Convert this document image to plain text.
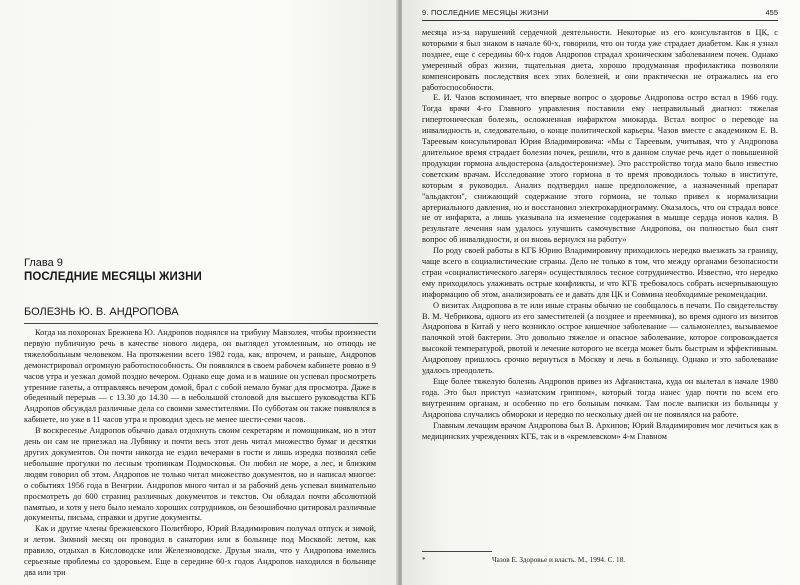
Глава 9
ПОСЛЕДНИЕ МЕСЯЦЫ ЖИЗНИ
БОЛЕЗНЬ Ю. В. АНДРОПОВА

Когда на похоронах Брежнева Ю. Андропов поднялся на трибуну Мавзолея, чтобы произнести первую публичную речь в качестве нового лидера, он выглядел утомленным, но отнюдь не тяжелобольным человеком. На протяжении всего 1982 года, как, впрочем, и раньше, Андропов демонстрировал огромную работоспособность. Он появлялся в своем рабочем кабинете ровно в 9 часов утра и уезжал домой поздно вечером. Однако еще дома и в машине он успевал просмотреть утренние газеты, а отправляясь вечером домой, брал с собой немало бумаг для просмотра. Даже в обеденный перерыв — с 13.30 до 14.30 — в небольшой столовой для высшего руководства КГБ Андропов обсуждал различные дела со своими заместителями. По субботам он также появлялся в кабинете, но уже в 11 часов утра и проводил здесь не менее шести-семи часов.

В воскресенье Андропов обычно давал отдохнуть своим секретарям и помощникам, но в этот день он сам не приезжал на Лубянку и почти весь этот день читал множество бумаг и десятки других документов. Он почти никогда не ездил вечерами в гости и лишь изредка позволял себе небольшие прогулки по лесным тропинкам Подмосковья. Он любил не море, а лес, и близким людям говорил об этом. Андропов не только читал множество документов, но и написал многое: о событиях 1956 года в Венгрии. Андропов много читал и за рабочий день успевал внимательно просмотреть до 600 страниц различных документов и текстов. Он обладал почти абсолютной памятью, и хотя у него было немало хороших сотрудников, он безошибочно цитировал различные документы, письма, справки и другие документы.

Как и другие члены брежневского Политбюро, Юрий Владимирович получал отпуск и зимой, и летом. Зимний месяц он проводил в санатории или в больнице под Москвой: летом, как правило, отдыхал в Кисловодске или Железноводске. Друзья знали, что у Андропова имелись серьезные проблемы со здоровьем. Еще в середине 60-х годов Андропов находился в больнице два или три

9. ПОСЛЕДНИЕ МЕСЯЦЫ ЖИЗНИ	455

месяца из-за нарушений сердечной деятельности. Некоторые из его консультантов в ЦК, с которыми я был знаком в начале 60-х, говорили, что он тогда уже страдает диабетом. Как я узнал позднее, еще с середины 60-х годов Андропов страдал хроническим заболеванием почек. Однако умеренный образ жизни, тщательная диета, хорошо продуманная профилактика позволяли компенсировать последствия всех этих болезней, и они практически не отражались на его работоспособности.

Е. И. Чазов вспоминает, что впервые вопрос о здоровье Андропова остро встал в 1966 году. Тогда врачи 4-го Главного управления поставили ему неправильный диагноз: тяжелая гипертоническая болезнь, осложненная инфарктом миокарда. Встал вопрос о переводе на инвалидность и, следовательно, о конце политической карьеры. Чазов вместе с академиком Е. В. Тареевым консультировал Юрия Владимировича: «Мы с Тареевым, учитывая, что у Андропова длительное время страдает болезни почек, решили, что в данном случае речь идет о повышенной продукции гормона альдостерона (альдостеронизме). Это расстройство тогда мало было известно советским врачам. Исследование этого гормона в то время проводилось только в институте, которым я руководил. Анализ подтвердил наше предположение, а назначенный препарат "альдактон", снижающий содержание этого гормона, не только привел к нормализации артериального давления, но и восстановил электрокардиограмму. Оказалось, что он страдал вовсе не от инфаркта, а лишь указывала на изменение содержания в мышце сердца ионов калия. В результате лечения нам удалось улучшить самочувствие Андропова, он полностью был снят вопрос об инвалидности, и он вновь вернулся на работу»

По роду своей работы в КГБ Юрию Владимировичу приходилось нередко выезжать за границу, чаще всего в социалистические страны. Дело не только в том, что между органами безопасности стран «социалистического лагеря» осуществлялось тесное сотрудничество. Известно, что нередко ему приходилось улаживать острые конфликты, и что КГБ требовалось собрать исчерпывающую информацию об этом, анализировать ее и давать для ЦК и Совмина необходимые рекомендации.

О визитах Андропова в те или иные страны обычно не сообщалось в печати. По свидетельству В. М. Чебрикова, одного из его заместителей (а позднее и преемника), во время одного из визитов Андропова в Китай у него возникло острое кишечное заболевание — сальмонеллез, вызываемое палочкой этой бактерии. Это довольно тяжелое и опасное заболевание, которое сопровождается высокой температурой, рвотой и лечение которого не всегда может быть быстрым и эффективным. Андропову пришлось срочно вернуться в Москву и лечь в больницу. Однако и это заболевание удалось преодолеть.

Еще более тяжелую болезнь Андропов привез из Афганистана, куда он вылетал в начале 1980 года. Это был приступ «азиатским гриппом», который тогда нанес удар почти по всем его внутренним органам, и особенно по его больным почкам. Там после выписки из больницы у Андропова случались обмороки и нередко по нескольку дней он не появлялся на работе.

Главным лечащим врачом Андропова был В. Архипов; Юрий Владимирович мог лечиться как в медицинских учреждениях КГБ, так и в «кремлевском» 4-м Главном

*	Чазов Е. Здоровье и власть. М., 1994. С. 18.
